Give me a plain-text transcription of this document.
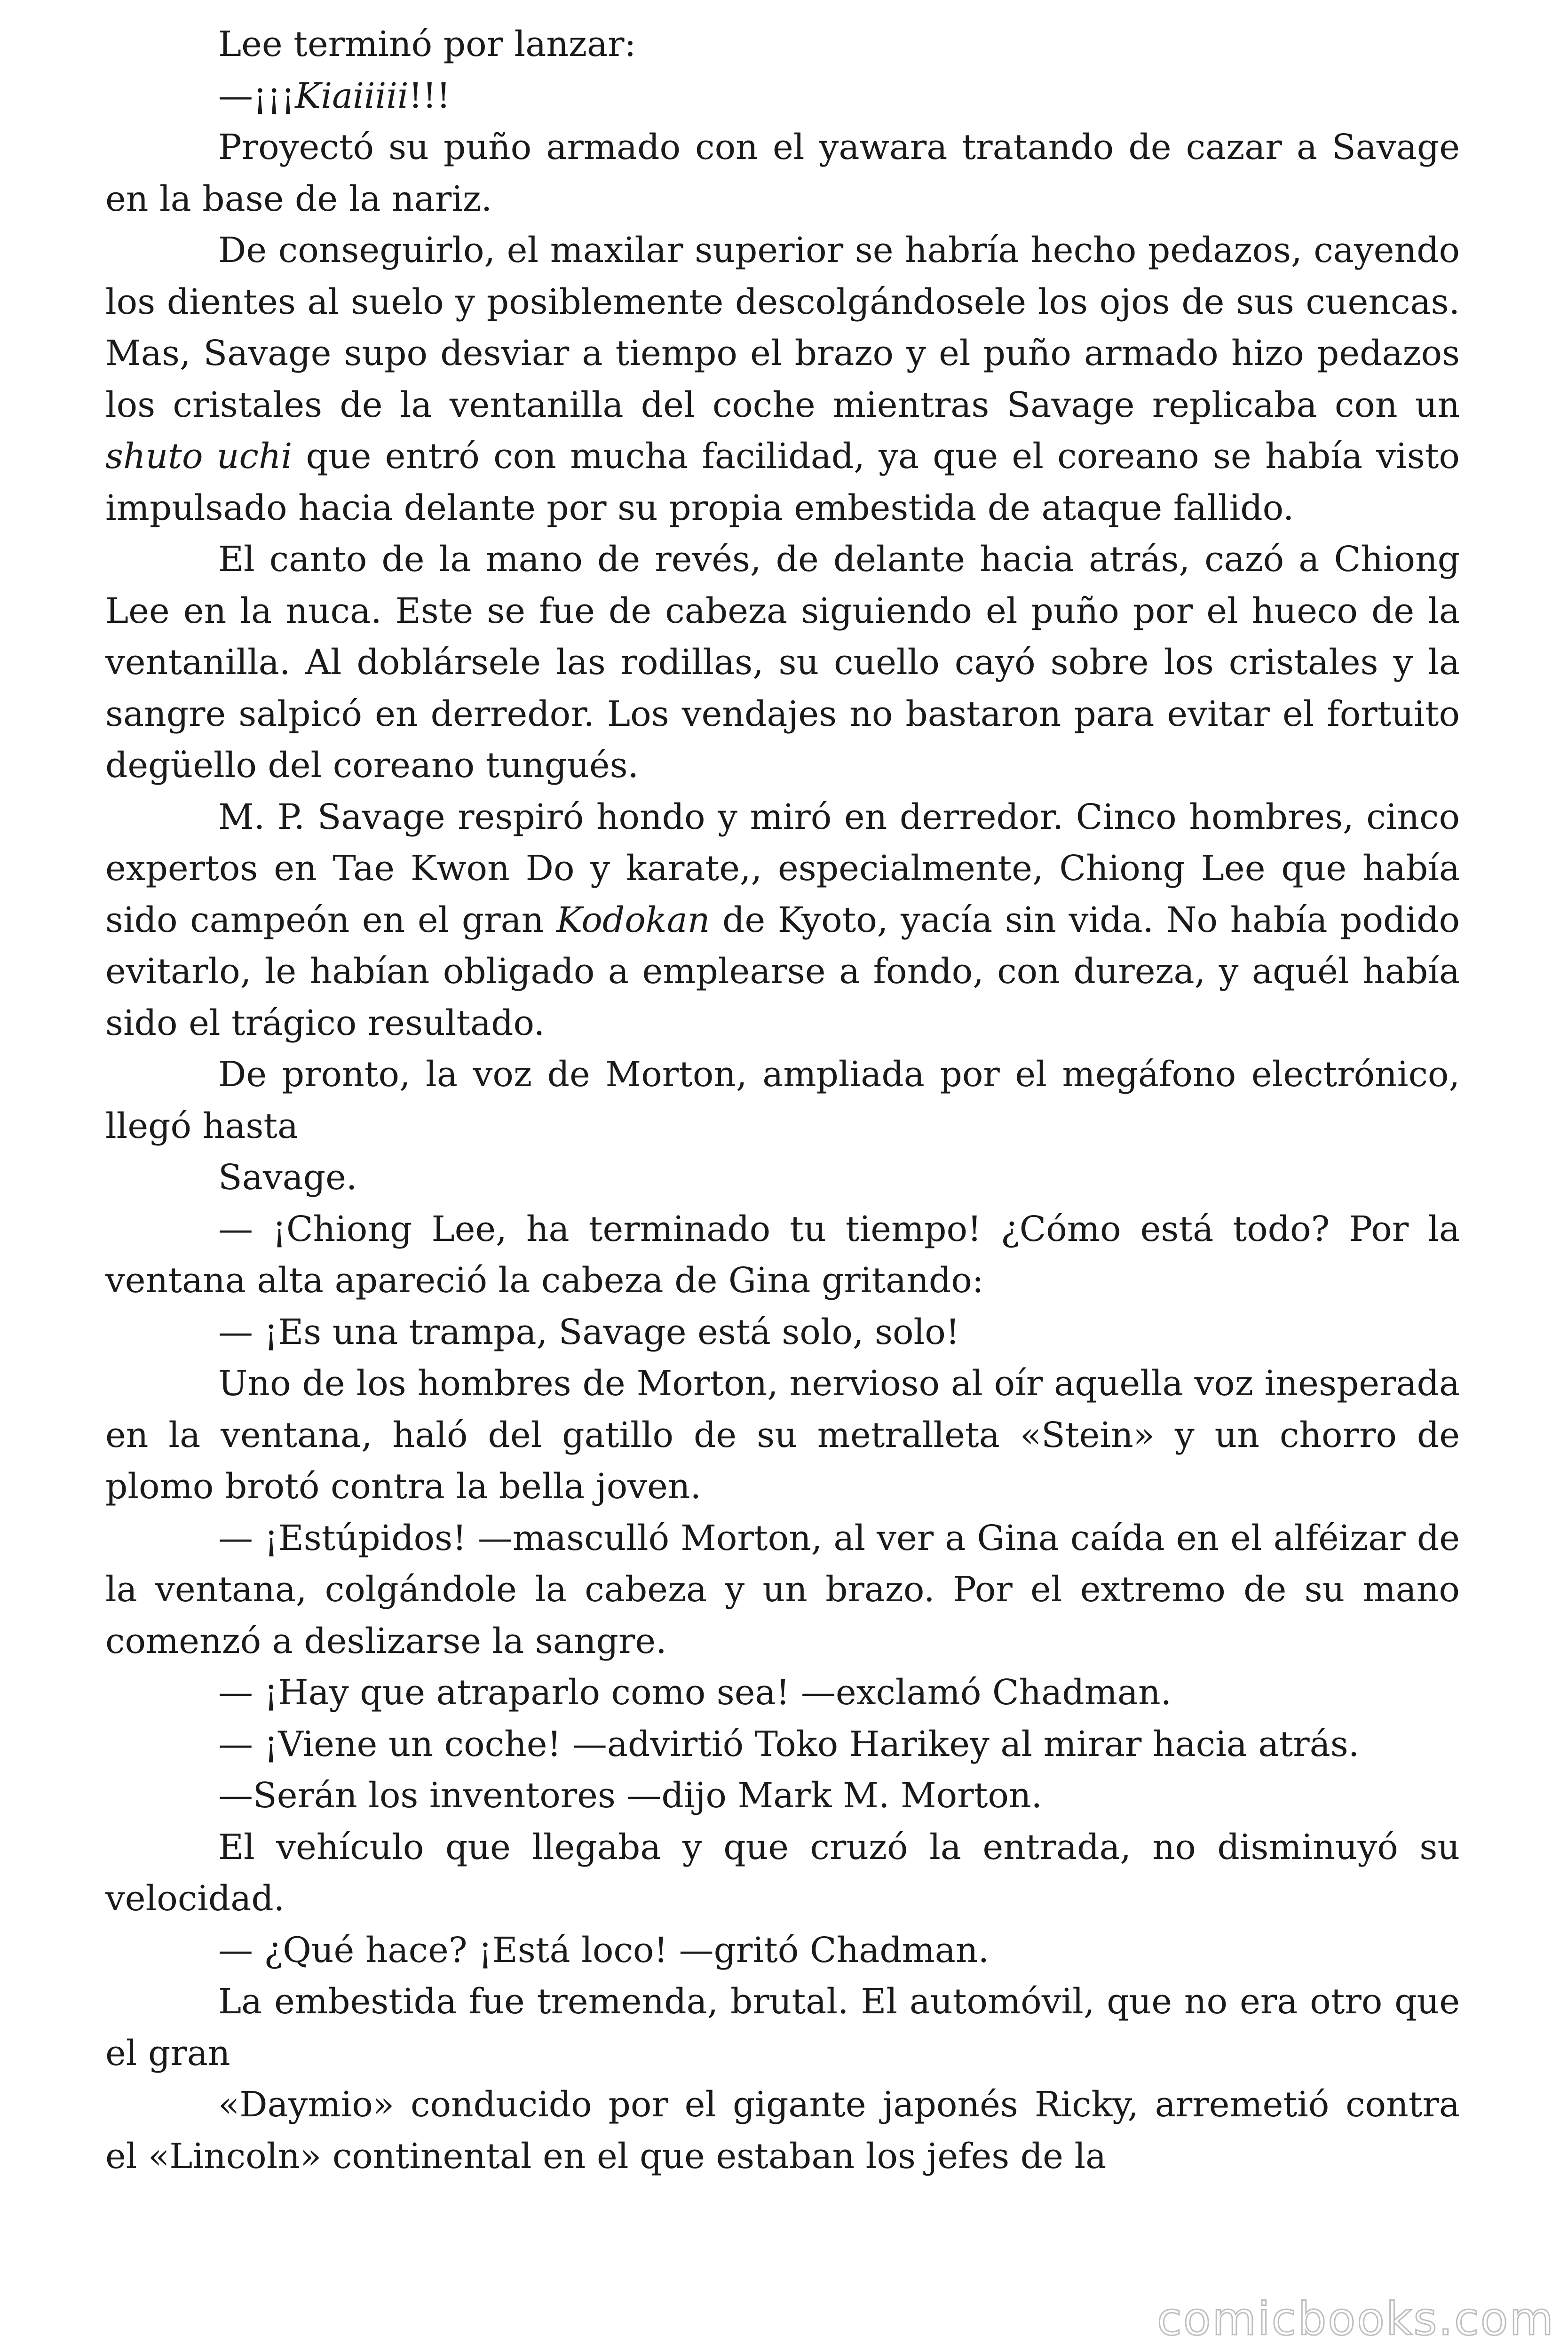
Lee terminó por lanzar:

—¡¡¡Kiaiiiii!!!

Proyectó su puño armado con el yawara tratando de cazar a Savage en la base de la nariz.

De conseguirlo, el maxilar superior se habría hecho pedazos, cayendo los dientes al suelo y posiblemente descolgándosele los ojos de sus cuencas. Mas, Savage supo desviar a tiempo el brazo y el puño armado hizo pedazos los cristales de la ventanilla del coche mientras Savage replicaba con un shuto uchi que entró con mucha facilidad, ya que el coreano se había visto impulsado hacia delante por su propia embestida de ataque fallido.

El canto de la mano de revés, de delante hacia atrás, cazó a Chiong Lee en la nuca. Este se fue de cabeza siguiendo el puño por el hueco de la ventanilla. Al doblársele las rodillas, su cuello cayó sobre los cristales y la sangre salpicó en derredor. Los vendajes no bastaron para evitar el fortuito degüello del coreano tungués.

M. P. Savage respiró hondo y miró en derredor. Cinco hombres, cinco expertos en Tae Kwon Do y karate,, especialmente, Chiong Lee que había sido campeón en el gran Kodokan de Kyoto, yacía sin vida. No había podido evitarlo, le habían obligado a emplearse a fondo, con dureza, y aquél había sido el trágico resultado.

De pronto, la voz de Morton, ampliada por el megáfono electrónico, llegó hasta

Savage.

— ¡Chiong Lee, ha terminado tu tiempo! ¿Cómo está todo? Por la ventana alta apareció la cabeza de Gina gritando:

— ¡Es una trampa, Savage está solo, solo!

Uno de los hombres de Morton, nervioso al oír aquella voz inesperada en la ventana, haló del gatillo de su metralleta «Stein» y un chorro de plomo brotó contra la bella joven.

— ¡Estúpidos! —masculló Morton, al ver a Gina caída en el alféizar de la ventana, colgándole la cabeza y un brazo. Por el extremo de su mano comenzó a deslizarse la sangre.

— ¡Hay que atraparlo como sea! —exclamó Chadman.

— ¡Viene un coche! —advirtió Toko Harikey al mirar hacia atrás.

—Serán los inventores —dijo Mark M. Morton.

El vehículo que llegaba y que cruzó la entrada, no disminuyó su velocidad.

— ¿Qué hace? ¡Está loco! —gritó Chadman.

La embestida fue tremenda, brutal. El automóvil, que no era otro que el gran

«Daymio» conducido por el gigante japonés Ricky, arremetió contra el «Lincoln» continental en el que estaban los jefes de la

comicbooks.com
